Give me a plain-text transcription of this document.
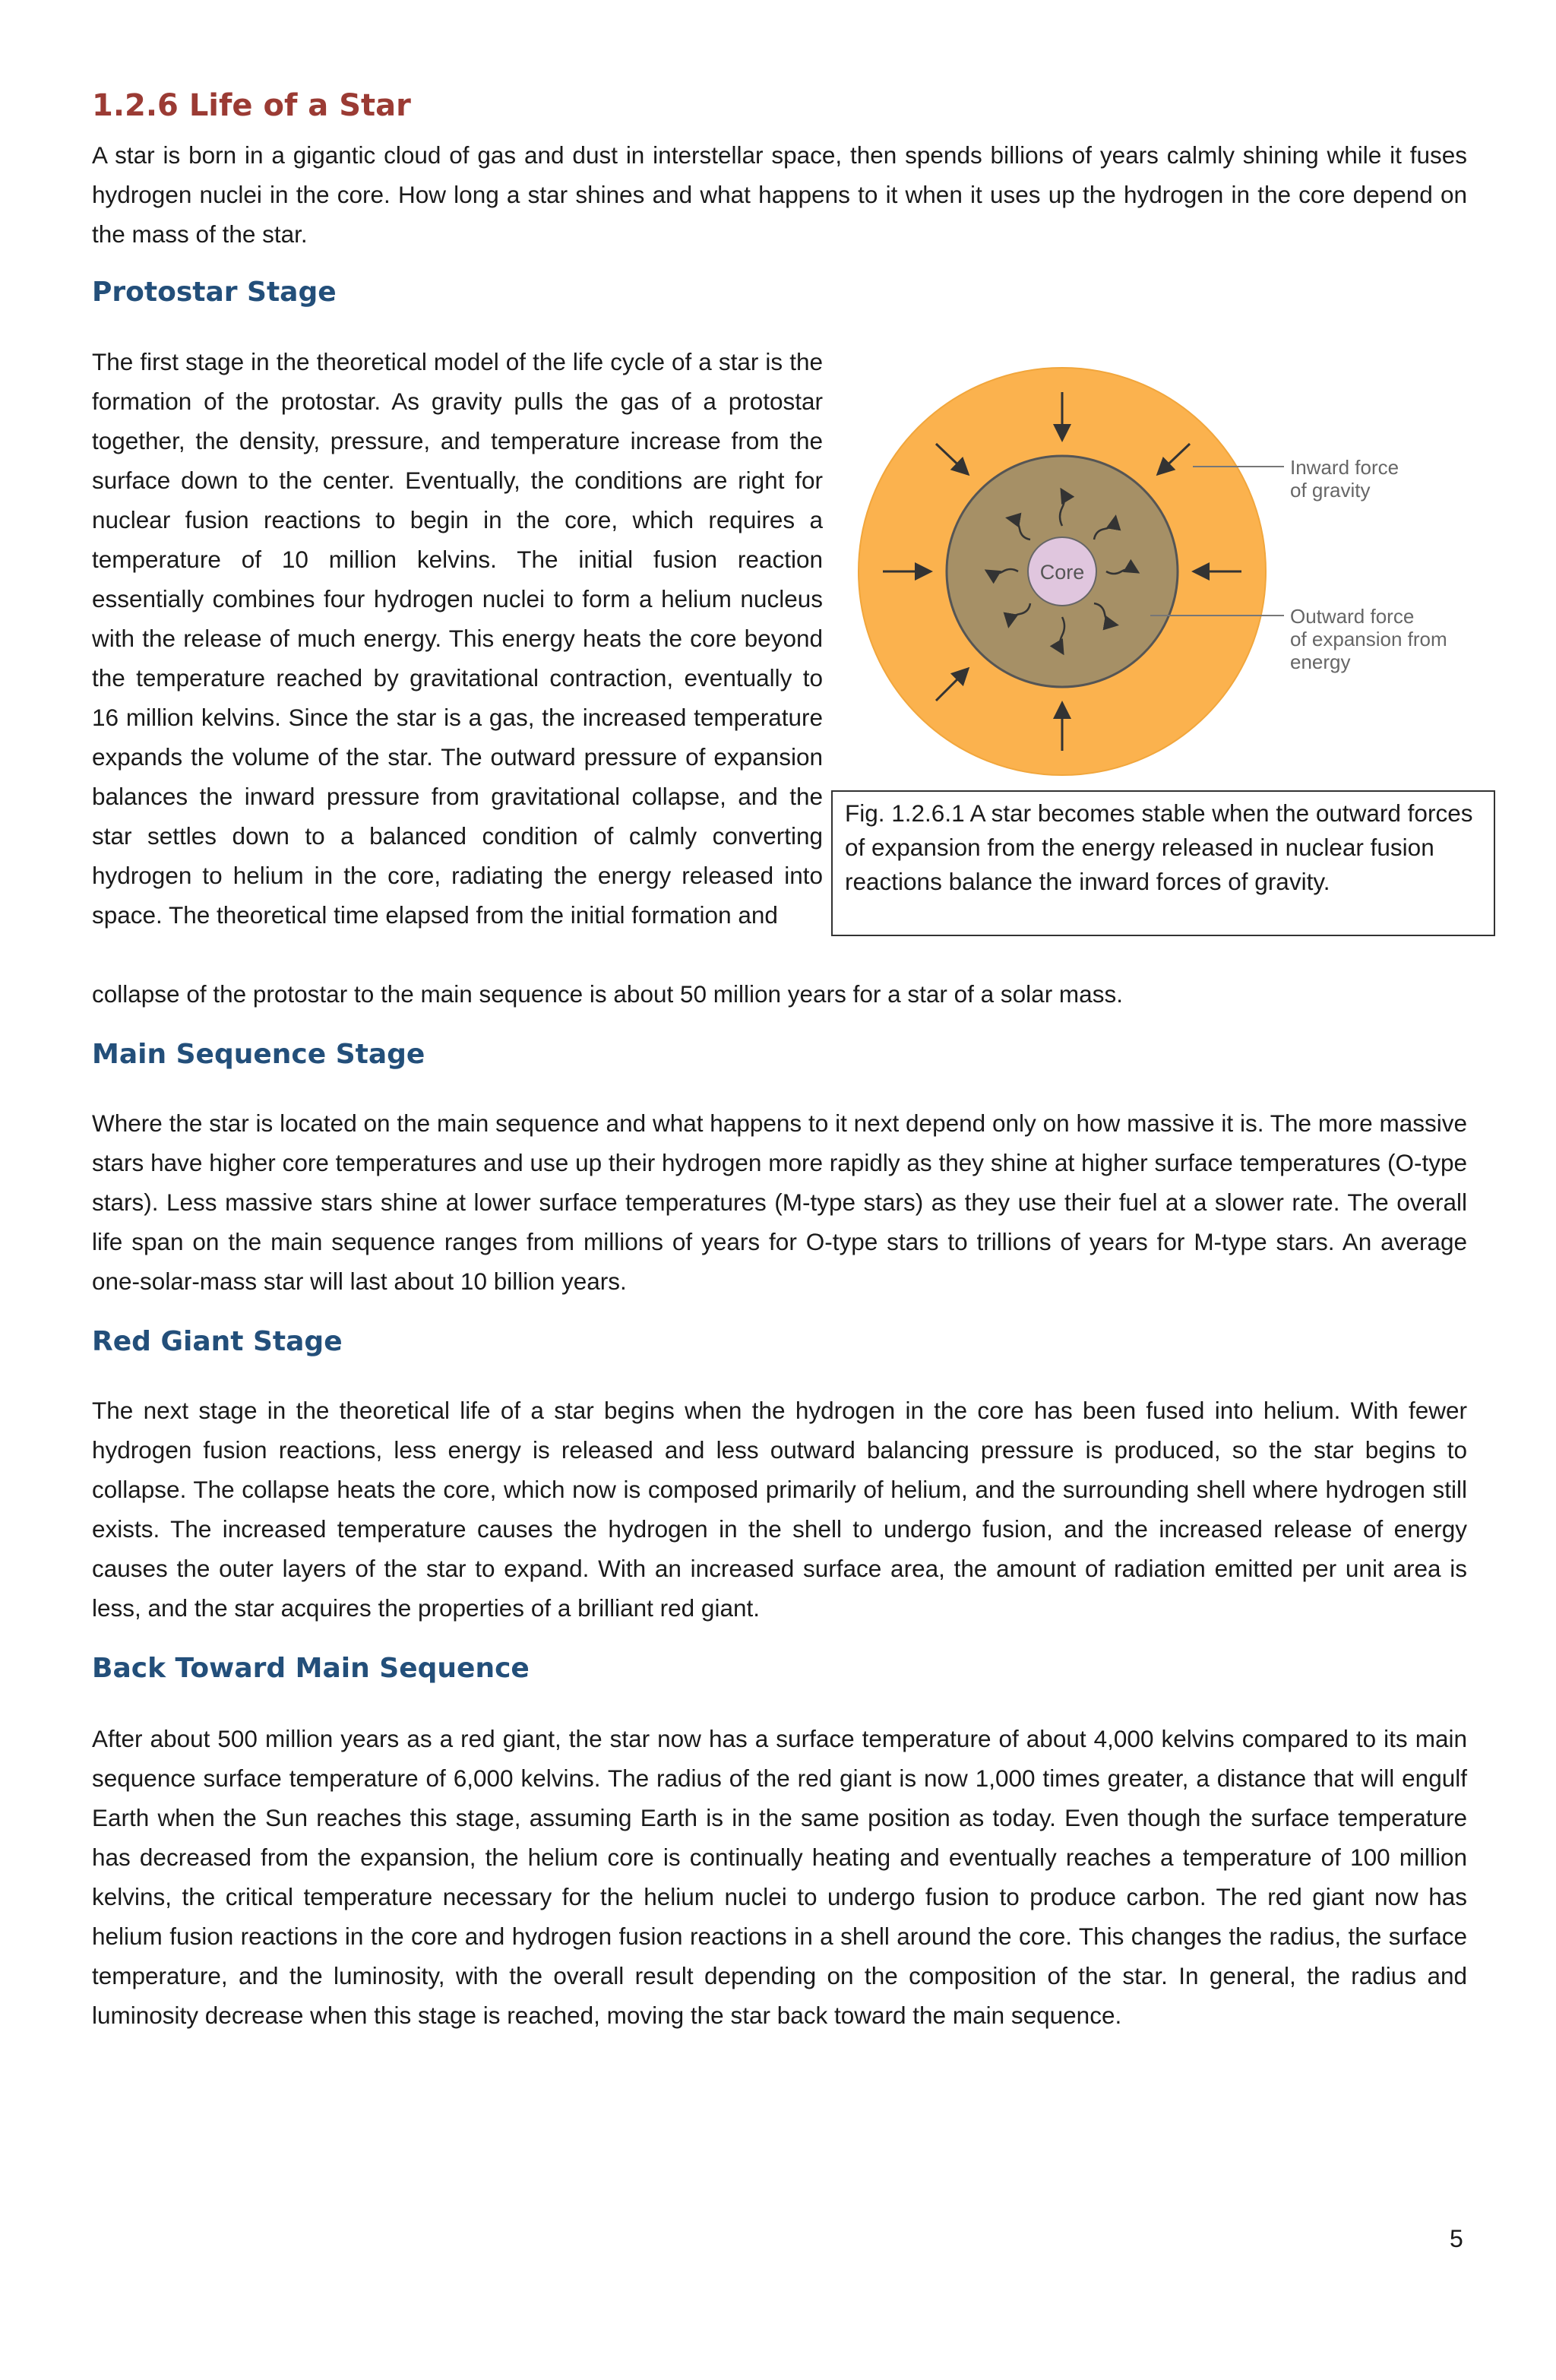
1.2.6 Life of a Star

A star is born in a gigantic cloud of gas and dust in interstellar space, then spends billions of years calmly shining while it fuses hydrogen nuclei in the core. How long a star shines and what happens to it when it uses up the hydrogen in the core depend on the mass of the star.

Protostar Stage

The first stage in the theoretical model of the life cycle of a star is the formation of the protostar. As gravity pulls the gas of a protostar together, the density, pressure, and temperature increase from the surface down to the center. Eventually, the conditions are right for nuclear fusion reactions to begin in the core, which requires a temperature of 10 million kelvins. The initial fusion reaction essentially combines four hydrogen nuclei to form a helium nucleus with the release of much energy. This energy heats the core beyond the temperature reached by gravitational contraction, eventually to 16 million kelvins. Since the star is a gas, the increased temperature expands the volume of the star. The outward pressure of expansion balances the inward pressure from gravitational collapse, and the star settles down to a balanced condition of calmly converting hydrogen to helium in the core, radiating the energy released into space. The theoretical time elapsed from the initial formation and

collapse of the protostar to the main sequence is about 50 million years for a star of a solar mass.

Core
Inward force
of gravity
Outward force
of expansion from
energy

Fig. 1.2.6.1 A star becomes stable when the outward forces of expansion from the energy released in nuclear fusion reactions balance the inward forces of gravity.

Main Sequence Stage

Where the star is located on the main sequence and what happens to it next depend only on how massive it is. The more massive stars have higher core temperatures and use up their hydrogen more rapidly as they shine at higher surface temperatures (O-type stars). Less massive stars shine at lower surface temperatures (M-type stars) as they use their fuel at a slower rate. The overall life span on the main sequence ranges from millions of years for O-type stars to trillions of years for M-type stars. An average one-solar-mass star will last about 10 billion years.

Red Giant Stage

The next stage in the theoretical life of a star begins when the hydrogen in the core has been fused into helium. With fewer hydrogen fusion reactions, less energy is released and less outward balancing pressure is produced, so the star begins to collapse. The collapse heats the core, which now is composed primarily of helium, and the surrounding shell where hydrogen still exists. The increased temperature causes the hydrogen in the shell to undergo fusion, and the increased release of energy causes the outer layers of the star to expand. With an increased surface area, the amount of radiation emitted per unit area is less, and the star acquires the properties of a brilliant red giant.

Back Toward Main Sequence

After about 500 million years as a red giant, the star now has a surface temperature of about 4,000 kelvins compared to its main sequence surface temperature of 6,000 kelvins. The radius of the red giant is now 1,000 times greater, a distance that will engulf Earth when the Sun reaches this stage, assuming Earth is in the same position as today. Even though the surface temperature has decreased from the expansion, the helium core is continually heating and eventually reaches a temperature of 100 million kelvins, the critical temperature necessary for the helium nuclei to undergo fusion to produce carbon. The red giant now has helium fusion reactions in the core and hydrogen fusion reactions in a shell around the core. This changes the radius, the surface temperature, and the luminosity, with the overall result depending on the composition of the star. In general, the radius and luminosity decrease when this stage is reached, moving the star back toward the main sequence.

5
